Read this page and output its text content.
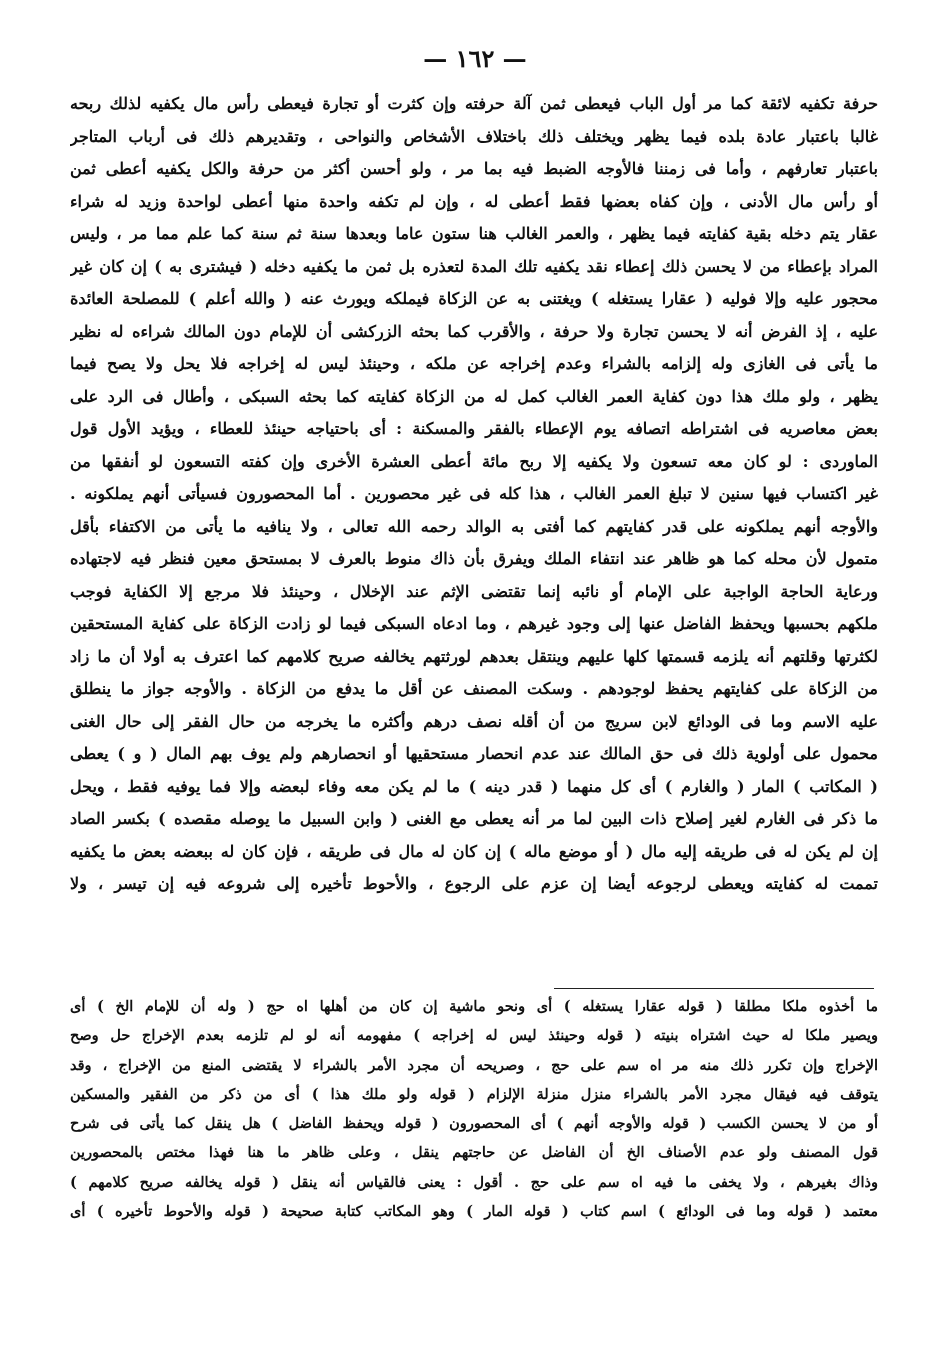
— ١٦٢ —
حرفة تكفيه لائقة كما مر أول الباب فيعطى ثمن آلة حرفته وإن كثرت أو تجارة فيعطى رأس مال يكفيه لذلك ربحه
غالبا باعتبار عادة بلده فيما يظهر ويختلف ذلك باختلاف الأشخاص والنواحى ، وتقديرهم ذلك فى أرباب المتاجر
باعتبار تعارفهم ، وأما فى زمننا فالأوجه الضبط فيه بما مر ، ولو أحسن أكثر من حرفة والكل يكفيه أعطى ثمن
أو رأس مال الأدنى ، وإن كفاه بعضها فقط أعطى له ، وإن لم تكفه واحدة منها أعطى لواحدة وزيد له شراء
عقار يتم دخله بقية كفايته فيما يظهر ، والعمر الغالب هنا ستون عاما وبعدها سنة ثم سنة كما علم مما مر ، وليس
المراد بإعطاء من لا يحسن ذلك إعطاء نقد يكفيه تلك المدة لتعذره بل ثمن ما يكفيه دخله ( فيشترى به ) إن كان غير
محجور عليه وإلا فوليه ( عقارا يستغله ) ويغتنى به عن الزكاة فيملكه ويورث عنه ( والله أعلم ) للمصلحة العائدة
عليه ، إذ الفرض أنه لا يحسن تجارة ولا حرفة ، والأقرب كما بحثه الزركشى أن للإمام دون المالك شراءه له نظير
ما يأتى فى الغازى وله إلزامه بالشراء وعدم إخراجه عن ملكه ، وحينئذ ليس له إخراجه فلا يحل ولا يصح فيما
يظهر ، ولو ملك هذا دون كفاية العمر الغالب كمل له من الزكاة كفايته كما بحثه السبكى ، وأطال فى الرد على
بعض معاصريه فى اشتراطه اتصافه يوم الإعطاء بالفقر والمسكنة : أى باحتياجه حينئذ للعطاء ، ويؤيد الأول قول
الماوردى : لو كان معه تسعون ولا يكفيه إلا ربح مائة أعطى العشرة الأخرى وإن كفته التسعون لو أنفقها من
غير اكتساب فيها سنين لا تبلغ العمر الغالب ، هذا كله فى غير محصورين . أما المحصورون فسيأتى أنهم يملكونه .
والأوجه أنهم يملكونه على قدر كفايتهم كما أفتى به الوالد رحمه الله تعالى ، ولا ينافيه ما يأتى من الاكتفاء بأقل
متمول لأن محله كما هو ظاهر عند انتفاء الملك ويفرق بأن ذاك منوط بالعرف لا بمستحق معين فنظر فيه لاجتهاده
ورعاية الحاجة الواجبة على الإمام أو نائبه إنما تقتضى الإثم عند الإخلال ، وحينئذ فلا مرجع إلا الكفاية فوجب
ملكهم بحسبها ويحفظ الفاضل عنها إلى وجود غيرهم ، وما ادعاه السبكى فيما لو زادت الزكاة على كفاية المستحقين
لكثرتها وقلتهم أنه يلزمه قسمتها كلها عليهم وينتقل بعدهم لورثتهم يخالفه صريح كلامهم كما اعترف به أولا أن ما زاد
من الزكاة على كفايتهم يحفظ لوجودهم . وسكت المصنف عن أقل ما يدفع من الزكاة . والأوجه جواز ما ينطلق
عليه الاسم وما فى الودائع لابن سريج من أن أقله نصف درهم وأكثره ما يخرجه من حال الفقر إلى حال الغنى
محمول على أولوية ذلك فى حق المالك عند عدم انحصار مستحقيها أو انحصارهم ولم يوف بهم المال ( و ) يعطى
( المكاتب ) المار ( والغارم ) أى كل منهما ( قدر دينه ) ما لم يكن معه وفاء لبعضه وإلا فما يوفيه فقط ، ويحل
ما ذكر فى الغارم لغير إصلاح ذات البين لما مر أنه يعطى مع الغنى ( وابن السبيل ما يوصله مقصده ) بكسر الصاد
إن لم يكن له فى طريقه إليه مال ( أو موضع ماله ) إن كان له مال فى طريقه ، فإن كان له ببعضه بعض ما يكفيه
تممت له كفايته ويعطى لرجوعه أيضا إن عزم على الرجوع ، والأحوط تأخيره إلى شروعه فيه إن تيسر ، ولا
ما أخذوه ملكا مطلقا ( قوله عقارا يستغله ) أى ونحو ماشية إن كان من أهلها اه حج ( وله أن للإمام الخ ) أى
ويصير ملكا له حيث اشتراه بنيته ( قوله وحينئذ ليس له إخراجه ) مفهومه أنه لو لم تلزمه بعدم الإخراج حل وصح
الإخراج وإن تكرر ذلك منه مر اه سم على حج ، وصريحه أن مجرد الأمر بالشراء لا يقتضى المنع من الإخراج ، وقد
يتوقف فيه فيقال مجرد الأمر بالشراء منزل منزلة الإلزام ( قوله ولو ملك هذا ) أى من ذكر من الفقير والمسكين
أو من لا يحسن الكسب ( قوله والأوجه أنهم ) أى المحصورون ( قوله ويحفظ الفاضل ) هل ينقل كما يأتى فى شرح
قول المصنف ولو عدم الأصناف الخ أن الفاضل عن حاجتهم ينقل ، وعلى ظاهر ما هنا فهذا مختص بالمحصورين
وذاك بغيرهم ، ولا يخفى ما فيه اه سم على حج . أقول : يعنى فالقياس أنه ينقل ( قوله يخالفه صريح كلامهم )
معتمد ( قوله وما فى الودائع ) اسم كتاب ( قوله المار ) وهو المكاتب كتابة صحيحة ( قوله والأحوط تأخيره ) أى
